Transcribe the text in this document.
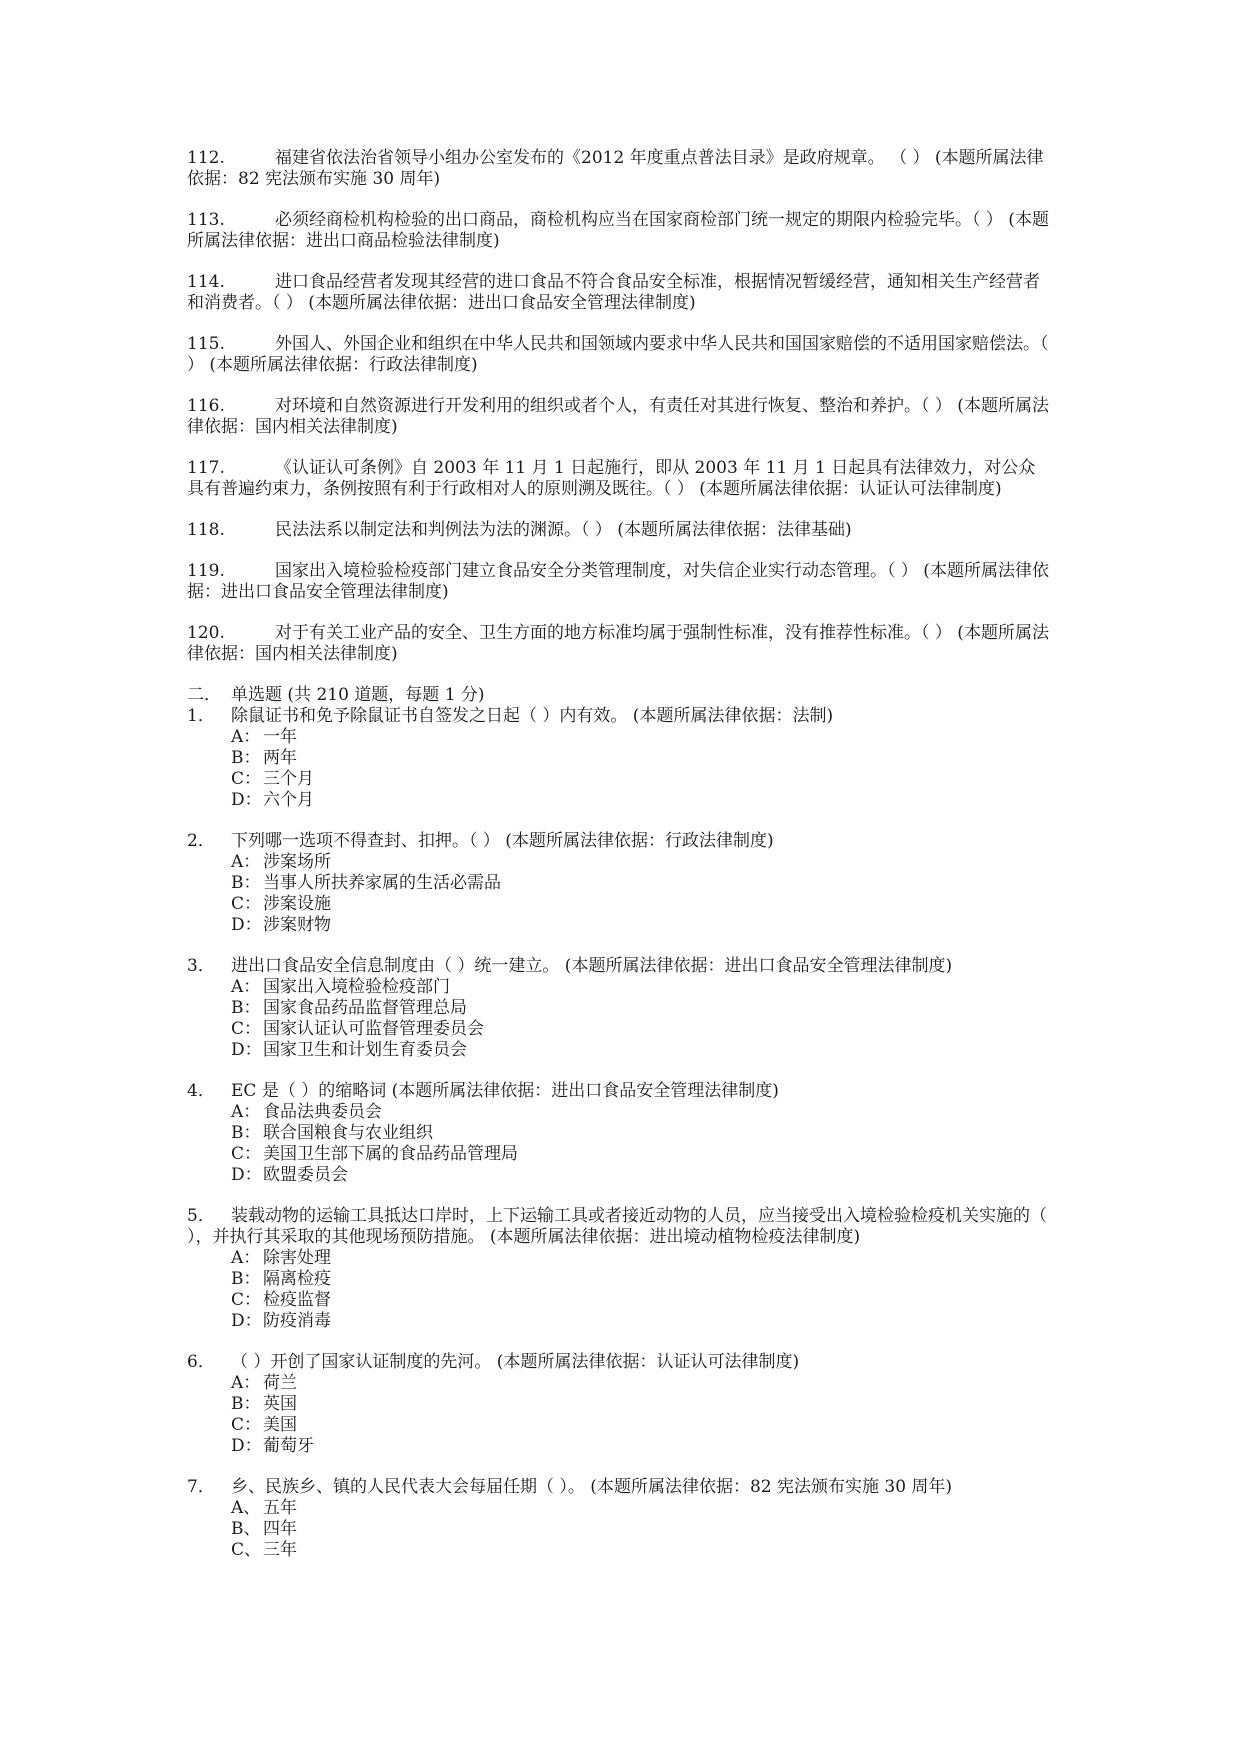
112.	福建省依法治省领导小组办公室发布的《2012 年度重点普法目录》是政府规章。 （ ） (本题所属法律依据：82 宪法颁布实施 30 周年)
113.	必须经商检机构检验的出口商品，商检机构应当在国家商检部门统一规定的期限内检验完毕。（ ） (本题所属法律依据：进出口商品检验法律制度)
114.	进口食品经营者发现其经营的进口食品不符合食品安全标准，根据情况暂缓经营，通知相关生产经营者和消费者。（ ） (本题所属法律依据：进出口食品安全管理法律制度)
115.	外国人、外国企业和组织在中华人民共和国领域内要求中华人民共和国国家赔偿的不适用国家赔偿法。（ ） (本题所属法律依据：行政法律制度)
116.	对环境和自然资源进行开发利用的组织或者个人，有责任对其进行恢复、整治和养护。（ ） (本题所属法律依据：国内相关法律制度)
117.	《认证认可条例》自 2003 年 11 月 1 日起施行，即从 2003 年 11 月 1 日起具有法律效力，对公众具有普遍约束力，条例按照有利于行政相对人的原则溯及既往。（ ） (本题所属法律依据：认证认可法律制度)
118.	民法法系以制定法和判例法为法的渊源。（ ） (本题所属法律依据：法律基础)
119.	国家出入境检验检疫部门建立食品安全分类管理制度，对失信企业实行动态管理。（ ） (本题所属法律依据：进出口食品安全管理法律制度)
120.	对于有关工业产品的安全、卫生方面的地方标准均属于强制性标准，没有推荐性标准。（ ） (本题所属法律依据：国内相关法律制度)
二． 单选题 (共 210 道题，每题 1 分)
1． 除鼠证书和免予除鼠证书自签发之日起（ ）内有效。 (本题所属法律依据：法制)
A： 一年
B： 两年
C： 三个月
D：六个月
2． 下列哪一选项不得查封、扣押。（ ） (本题所属法律依据：行政法律制度)
A： 涉案场所
B： 当事人所扶养家属的生活必需品
C： 涉案设施
D：涉案财物
3． 进出口食品安全信息制度由（ ）统一建立。 (本题所属法律依据：进出口食品安全管理法律制度)
A： 国家出入境检验检疫部门
B： 国家食品药品监督管理总局
C： 国家认证认可监督管理委员会
D：国家卫生和计划生育委员会
4． EC 是（ ）的缩略词 (本题所属法律依据：进出口食品安全管理法律制度)
A： 食品法典委员会
B： 联合国粮食与农业组织
C： 美国卫生部下属的食品药品管理局
D：欧盟委员会
5． 装载动物的运输工具抵达口岸时，上下运输工具或者接近动物的人员，应当接受出入境检验检疫机关实施的（ ），并执行其采取的其他现场预防措施。 (本题所属法律依据：进出境动植物检疫法律制度)
A： 除害处理
B： 隔离检疫
C： 检疫监督
D：防疫消毒
6． （ ）开创了国家认证制度的先河。 (本题所属法律依据：认证认可法律制度)
A： 荷兰
B： 英国
C： 美国
D：葡萄牙
7． 乡、民族乡、镇的人民代表大会每届任期（ ）。 (本题所属法律依据：82 宪法颁布实施 30 周年)
A、 五年
B、 四年
C、 三年
